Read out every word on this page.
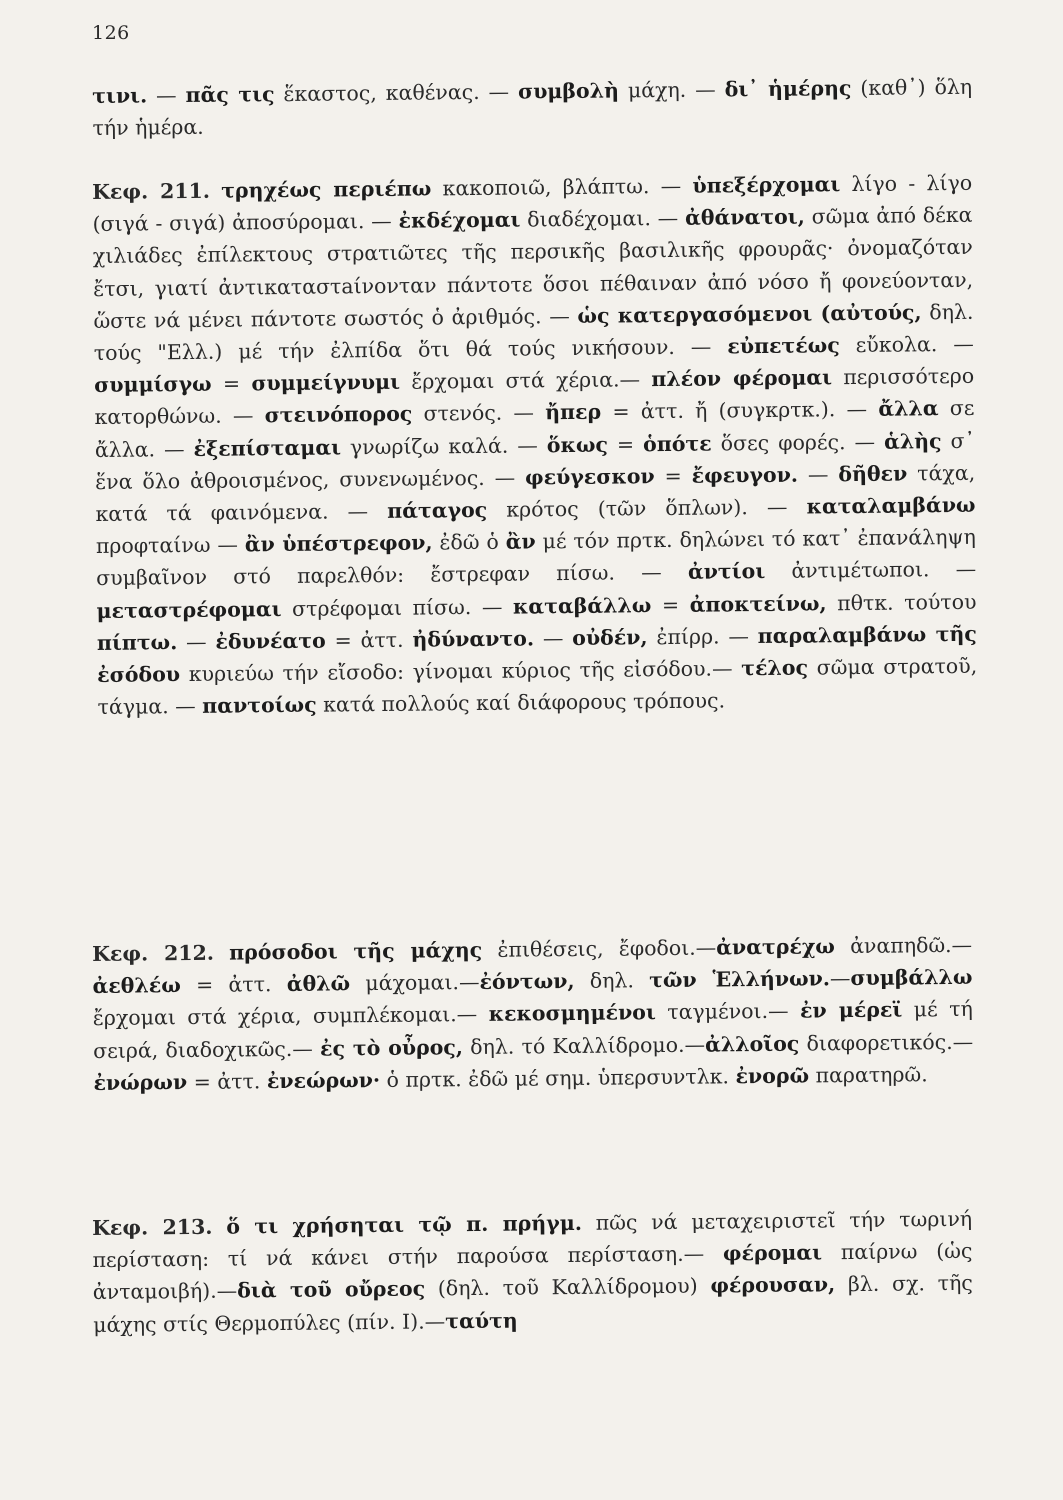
126

τινι. — πᾶς τις ἕκαστος, καθένας. — συμβολὴ μάχη. — δι᾽ ἡμέρης (καθ᾽) ὅλη τήν ἡμέρα.

Κεφ. 211. τρηχέως περιέπω κακοποιῶ, βλάπτω. — ὑπεξέρχομαι λίγο - λίγο (σιγά - σιγά) ἀποσύρομαι. — ἐκδέχομαι διαδέχομαι. — ἀθάνατοι, σῶμα ἀπό δέκα χιλιάδες ἐπίλεκτους στρατιῶτες τῆς περσικῆς βασιλικῆς φρουρᾶς· ὀνομαζόταν ἔτσι, γιατί ἀντικαταστaίνονταν πάντοτε ὅσοι πέθαιναν ἀπό νόσο ἤ φονεύονταν, ὥστε νά μένει πάντοτε σωστός ὁ ἀριθμός. — ὡς κατεργασόμενοι (αὐτούς, δηλ. τούς "Ελλ.) μέ τήν ἐλπίδα ὅτι θά τούς νικήσουν. — εὐπετέως εὔκολα. — συμμίσγω = συμμείγνυμι ἔρχομαι στά χέρια.— πλέον φέρομαι περισσότερο κατορθώνω. — στεινόπορος στενός. — ἤπερ = ἀττ. ἤ (συγκρτκ.). — ἄλλα σε ἄλλα. — ἐξεπίσταμαι γνωρίζω καλά. — ὅκως = ὁπότε ὅσες φορές. — ἁλὴς σ᾽ ἕνα ὅλο ἀθροισμένος, συνενωμένος. — φεύγεσκον = ἔφευγον. — δῆθεν τάχα, κατά τά φαινόμενα. — πάταγος κρότος (τῶν ὅπλων). — καταλαμβάνω προφταίνω — ἂν ὑπέστρεφον, ἐδῶ ὁ ἂν μέ τόν πρτκ. δηλώνει τό κατ᾽ ἐπανάληψη συμβαῖνον στό παρελθόν: ἔστρεφαν πίσω. — ἀντίοι ἀντιμέτωποι. — μεταστρέφομαι στρέφομαι πίσω. — καταβάλλω = ἀποκτείνω, πθτκ. τούτου πίπτω. — ἐδυνέατο = ἀττ. ἠδύναντο. — οὐδέν, ἐπίρρ. — παραλαμβάνω τῆς ἐσόδου κυριεύω τήν εἴσοδο: γίνομαι κύριος τῆς εἰσόδου.— τέλος σῶμα στρατοῦ, τάγμα. — παντοίως κατά πολλούς καί διάφορους τρόπους.

Κεφ. 212. πρόσοδοι τῆς μάχης ἐπιθέσεις, ἔφοδοι.—ἀνατρέχω ἀναπηδῶ.—ἀεθλέω = ἀττ. ἀθλῶ μάχομαι.—ἐόντων, δηλ. τῶν Ἑλλήνων.—συμβάλλω ἔρχομαι στά χέρια, συμπλέκομαι.— κεκοσμημένοι ταγμένοι.— ἐν μέρεϊ μέ τή σειρά, διαδοχικῶς.— ἐς τὸ οὖρος, δηλ. τό Καλλίδρομο.—ἀλλοῖος διαφορετικός.—ἐνώρων = ἀττ. ἐνεώρων· ὁ πρτκ. ἐδῶ μέ σημ. ὑπερσυντλκ. ἐνορῶ παρατηρῶ.

Κεφ. 213. ὅ τι χρήσηται τῷ π. πρήγμ. πῶς νά μεταχειριστεῖ τήν τωρινή περίσταση: τί νά κάνει στήν παρούσα περίσταση.— φέρομαι παίρνω (ὡς ἀνταμοιβή).—διὰ τοῦ οὔρεος (δηλ. τοῦ Καλλίδρομου) φέρουσαν, βλ. σχ. τῆς μάχης στίς Θερμοπύλες (πίν. Ι).—ταύτη
